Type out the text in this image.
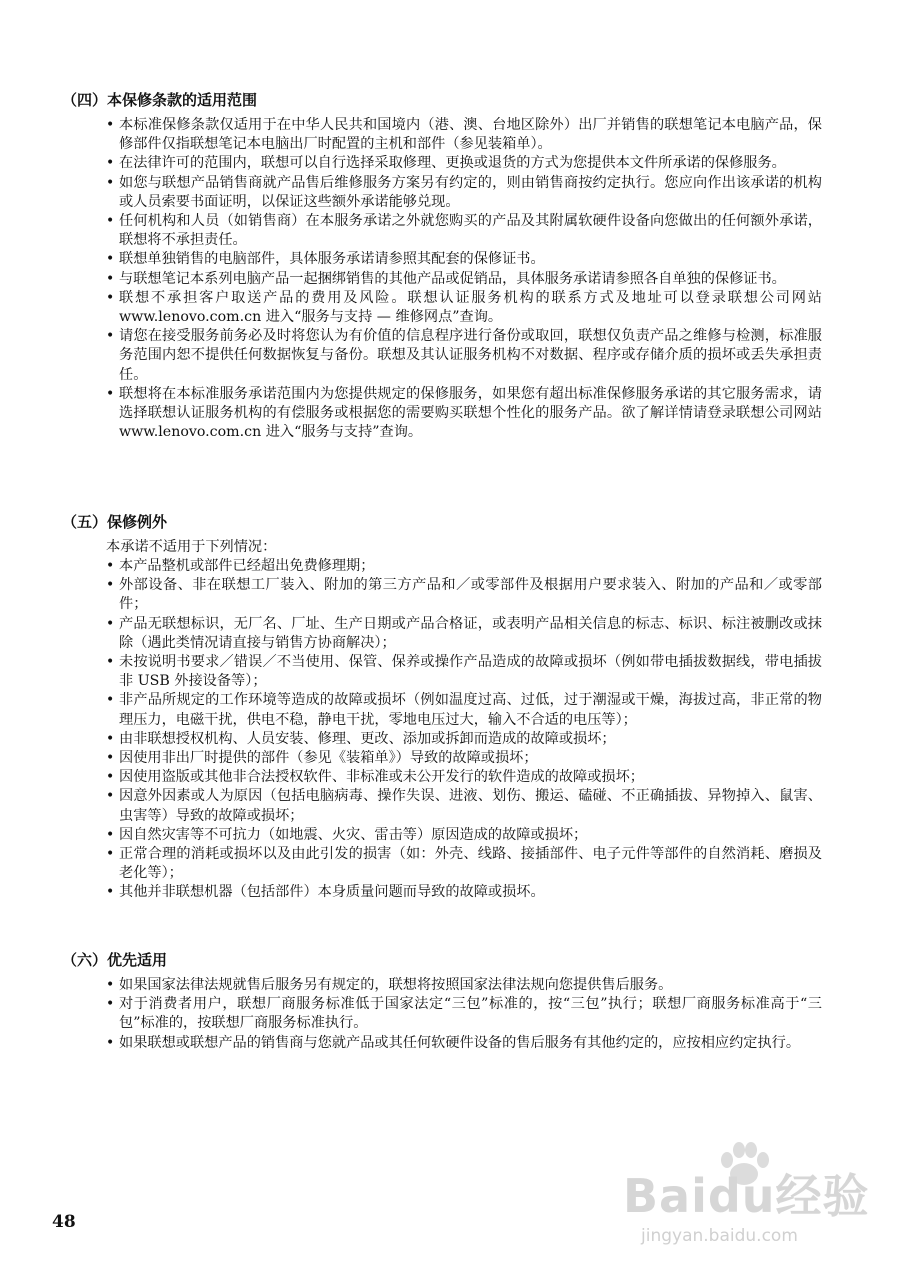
（四）本保修条款的适用范围
• 本标准保修条款仅适用于在中华人民共和国境内（港、澳、台地区除外）出厂并销售的联想笔记本电脑产品，保修部件仅指联想笔记本电脑出厂时配置的主机和部件（参见装箱单）。
• 在法律许可的范围内，联想可以自行选择采取修理、更换或退货的方式为您提供本文件所承诺的保修服务。
• 如您与联想产品销售商就产品售后维修服务方案另有约定的，则由销售商按约定执行。您应向作出该承诺的机构或人员索要书面证明，以保证这些额外承诺能够兑现。
• 任何机构和人员（如销售商）在本服务承诺之外就您购买的产品及其附属软硬件设备向您做出的任何额外承诺，联想将不承担责任。
• 联想单独销售的电脑部件，具体服务承诺请参照其配套的保修证书。
• 与联想笔记本系列电脑产品一起捆绑销售的其他产品或促销品，具体服务承诺请参照各自单独的保修证书。
• 联想不承担客户取送产品的费用及风险。联想认证服务机构的联系方式及地址可以登录联想公司网站 www.lenovo.com.cn 进入“服务与支持 — 维修网点”查询。
• 请您在接受服务前务必及时将您认为有价值的信息程序进行备份或取回，联想仅负责产品之维修与检测，标准服务范围内恕不提供任何数据恢复与备份。联想及其认证服务机构不对数据、程序或存储介质的损坏或丢失承担责任。
• 联想将在本标准服务承诺范围内为您提供规定的保修服务，如果您有超出标准保修服务承诺的其它服务需求，请选择联想认证服务机构的有偿服务或根据您的需要购买联想个性化的服务产品。欲了解详情请登录联想公司网站 www.lenovo.com.cn 进入“服务与支持”查询。
（五）保修例外
本承诺不适用于下列情况：
• 本产品整机或部件已经超出免费修理期；
• 外部设备、非在联想工厂装入、附加的第三方产品和／或零部件及根据用户要求装入、附加的产品和／或零部件；
• 产品无联想标识，无厂名、厂址、生产日期或产品合格证，或表明产品相关信息的标志、标识、标注被删改或抹除（遇此类情况请直接与销售方协商解决）；
• 未按说明书要求／错误／不当使用、保管、保养或操作产品造成的故障或损坏（例如带电插拔数据线，带电插拔非 USB 外接设备等）；
• 非产品所规定的工作环境等造成的故障或损坏（例如温度过高、过低，过于潮湿或干燥，海拔过高，非正常的物理压力，电磁干扰，供电不稳，静电干扰，零地电压过大，输入不合适的电压等）；
• 由非联想授权机构、人员安装、修理、更改、添加或拆卸而造成的故障或损坏；
• 因使用非出厂时提供的部件（参见《装箱单》）导致的故障或损坏；
• 因使用盗版或其他非合法授权软件、非标准或未公开发行的软件造成的故障或损坏；
• 因意外因素或人为原因（包括电脑病毒、操作失误、进液、划伤、搬运、磕碰、不正确插拔、异物掉入、鼠害、虫害等）导致的故障或损坏；
• 因自然灾害等不可抗力（如地震、火灾、雷击等）原因造成的故障或损坏；
• 正常合理的消耗或损坏以及由此引发的损害（如：外壳、线路、接插部件、电子元件等部件的自然消耗、磨损及老化等）；
• 其他并非联想机器（包括部件）本身质量问题而导致的故障或损坏。
（六）优先适用
• 如果国家法律法规就售后服务另有规定的，联想将按照国家法律法规向您提供售后服务。
• 对于消费者用户，联想厂商服务标准低于国家法定“三包”标准的，按“三包”执行；联想厂商服务标准高于“三包”标准的，按联想厂商服务标准执行。
• 如果联想或联想产品的销售商与您就产品或其任何软硬件设备的售后服务有其他约定的，应按相应约定执行。
48	Baidu经验
jingyan.baidu.com
